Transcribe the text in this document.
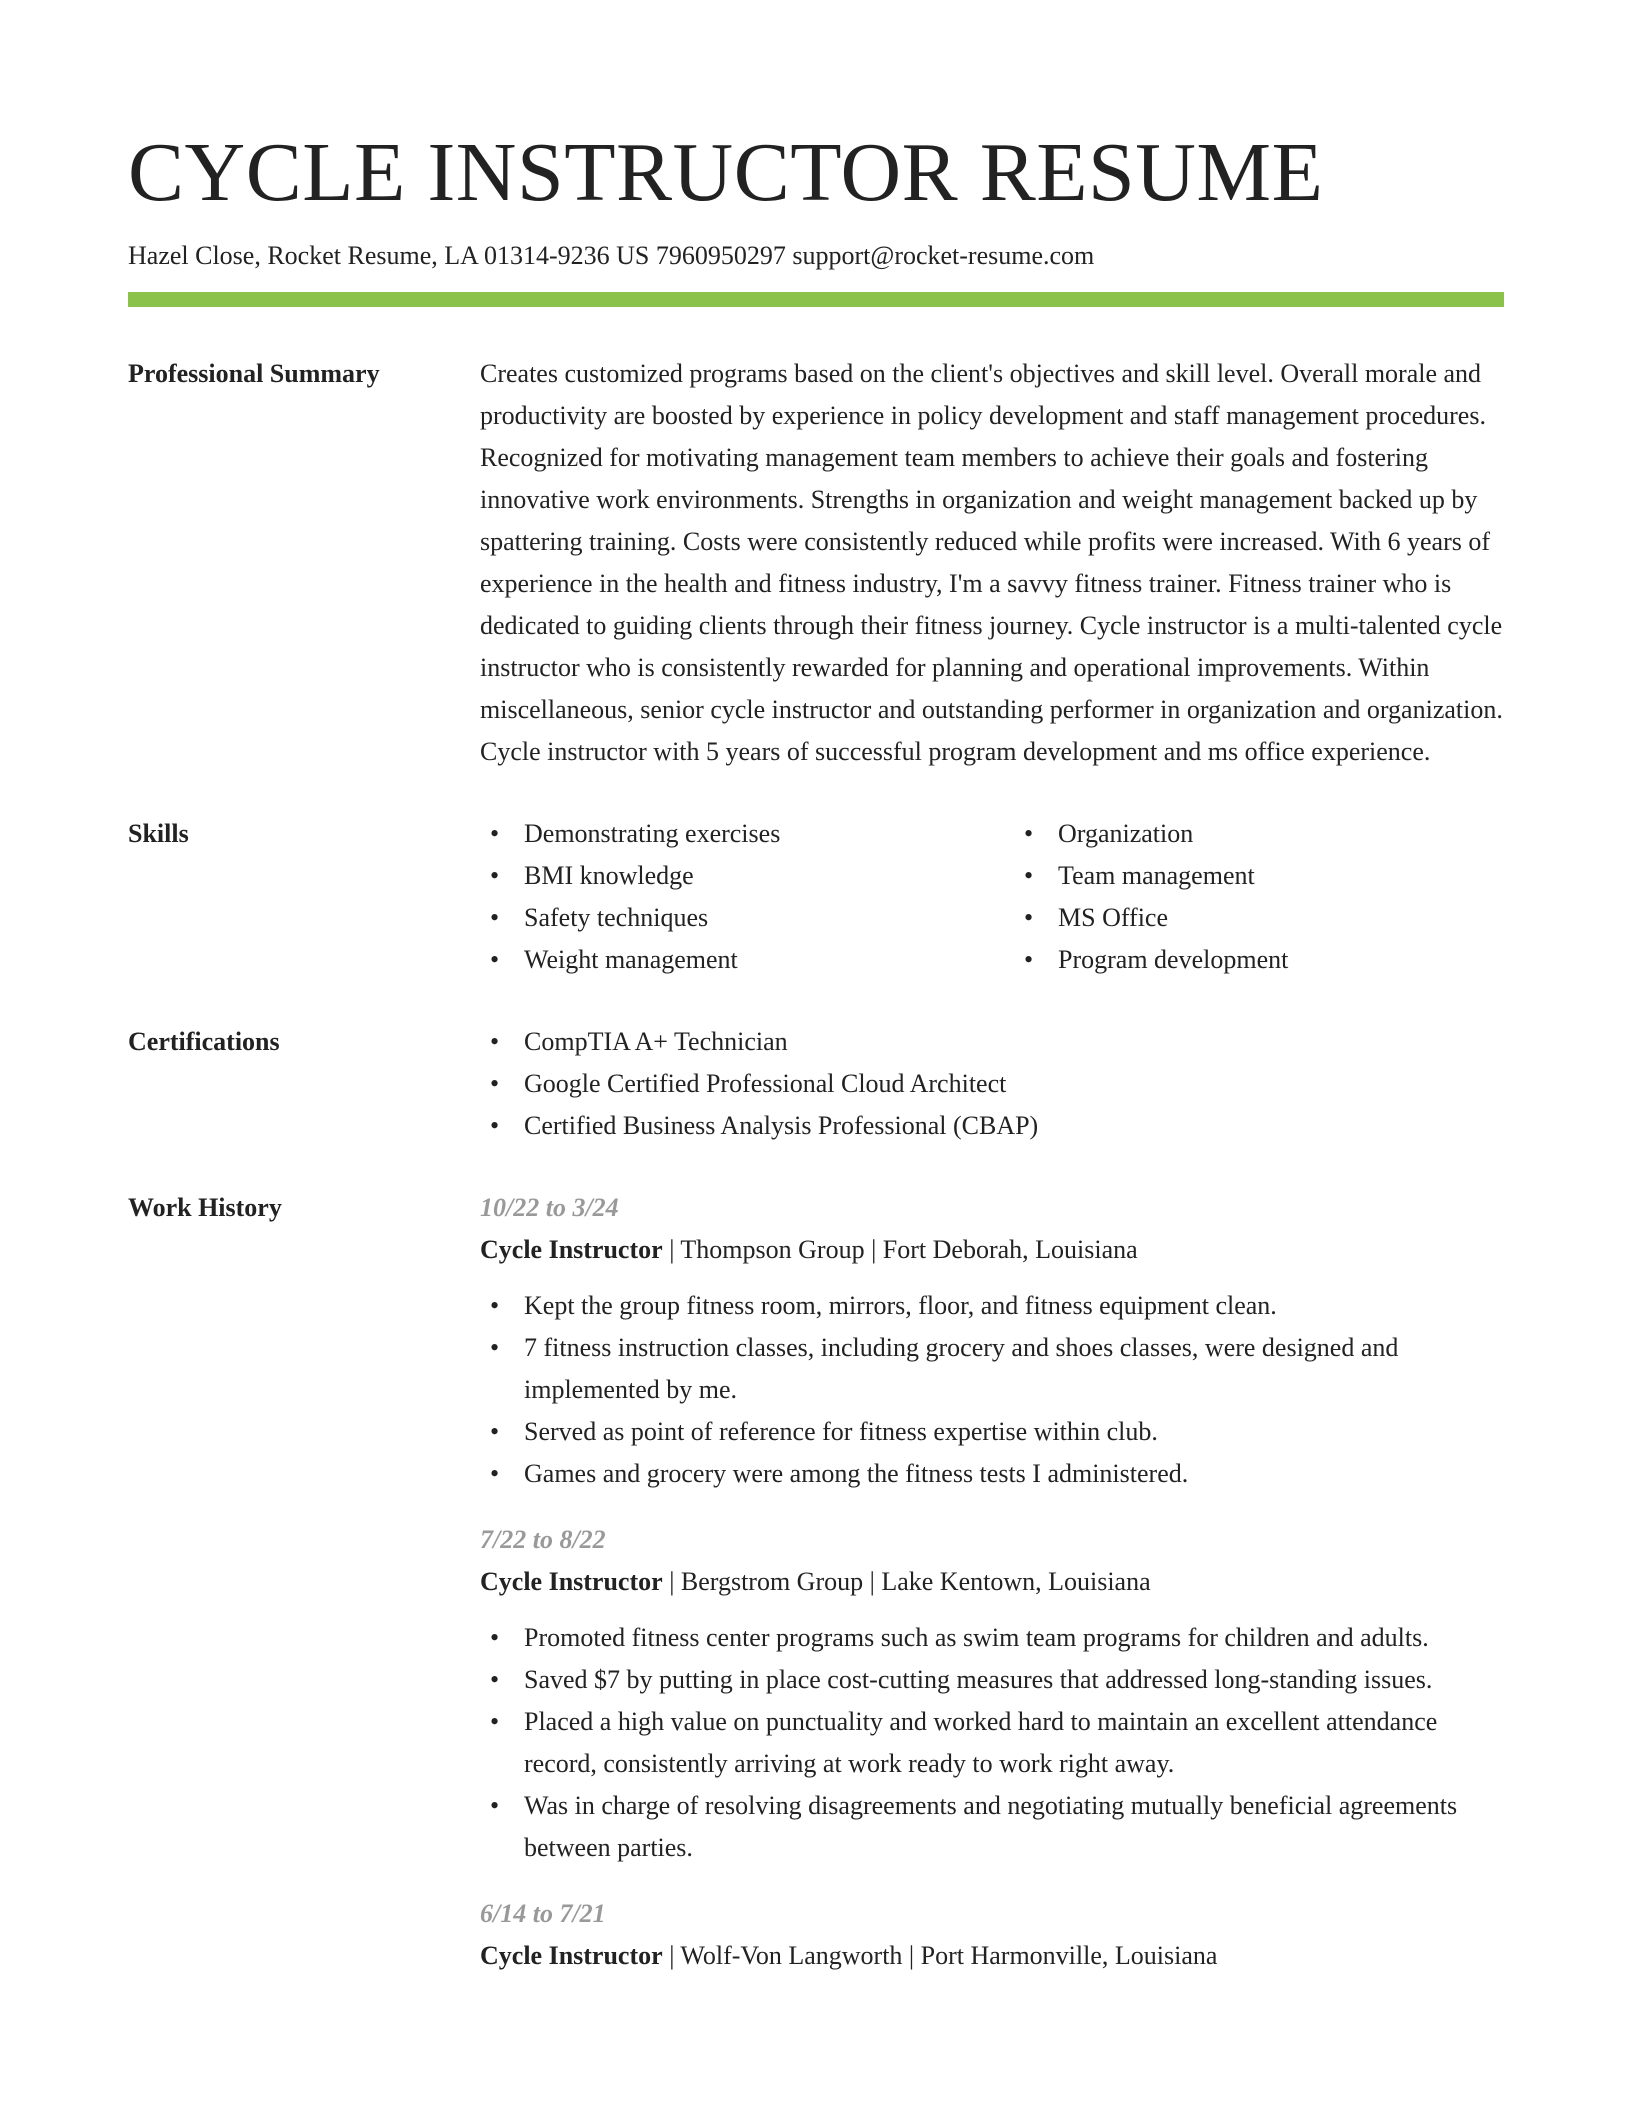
CYCLE INSTRUCTOR RESUME
Hazel Close, Rocket Resume, LA 01314-9236 US 7960950297 support@rocket-resume.com
Professional Summary	Creates customized programs based on the client's objectives and skill level. Overall morale and productivity are boosted by experience in policy development and staff management procedures. Recognized for motivating management team members to achieve their goals and fostering innovative work environments. Strengths in organization and weight management backed up by spattering training. Costs were consistently reduced while profits were increased. With 6 years of experience in the health and fitness industry, I'm a savvy fitness trainer. Fitness trainer who is dedicated to guiding clients through their fitness journey. Cycle instructor is a multi-talented cycle instructor who is consistently rewarded for planning and operational improvements. Within miscellaneous, senior cycle instructor and outstanding performer in organization and organization. Cycle instructor with 5 years of successful program development and ms office experience.

Skills	• Demonstrating exercises
• BMI knowledge
• Safety techniques
• Weight management
• Organization
• Team management
• MS Office
• Program development
Certifications	• CompTIA A+ Technician
• Google Certified Professional Cloud Architect
• Certified Business Analysis Professional (CBAP)
Work History	10/22 to 3/24
Cycle Instructor | Thompson Group | Fort Deborah, Louisiana
• Kept the group fitness room, mirrors, floor, and fitness equipment clean.
• 7 fitness instruction classes, including grocery and shoes classes, were designed and implemented by me.
• Served as point of reference for fitness expertise within club.
• Games and grocery were among the fitness tests I administered.
7/22 to 8/22
Cycle Instructor | Bergstrom Group | Lake Kentown, Louisiana
• Promoted fitness center programs such as swim team programs for children and adults.
• Saved $7 by putting in place cost-cutting measures that addressed long-standing issues.
• Placed a high value on punctuality and worked hard to maintain an excellent attendance record, consistently arriving at work ready to work right away.
• Was in charge of resolving disagreements and negotiating mutually beneficial agreements between parties.
6/14 to 7/21
Cycle Instructor | Wolf-Von Langworth | Port Harmonville, Louisiana
